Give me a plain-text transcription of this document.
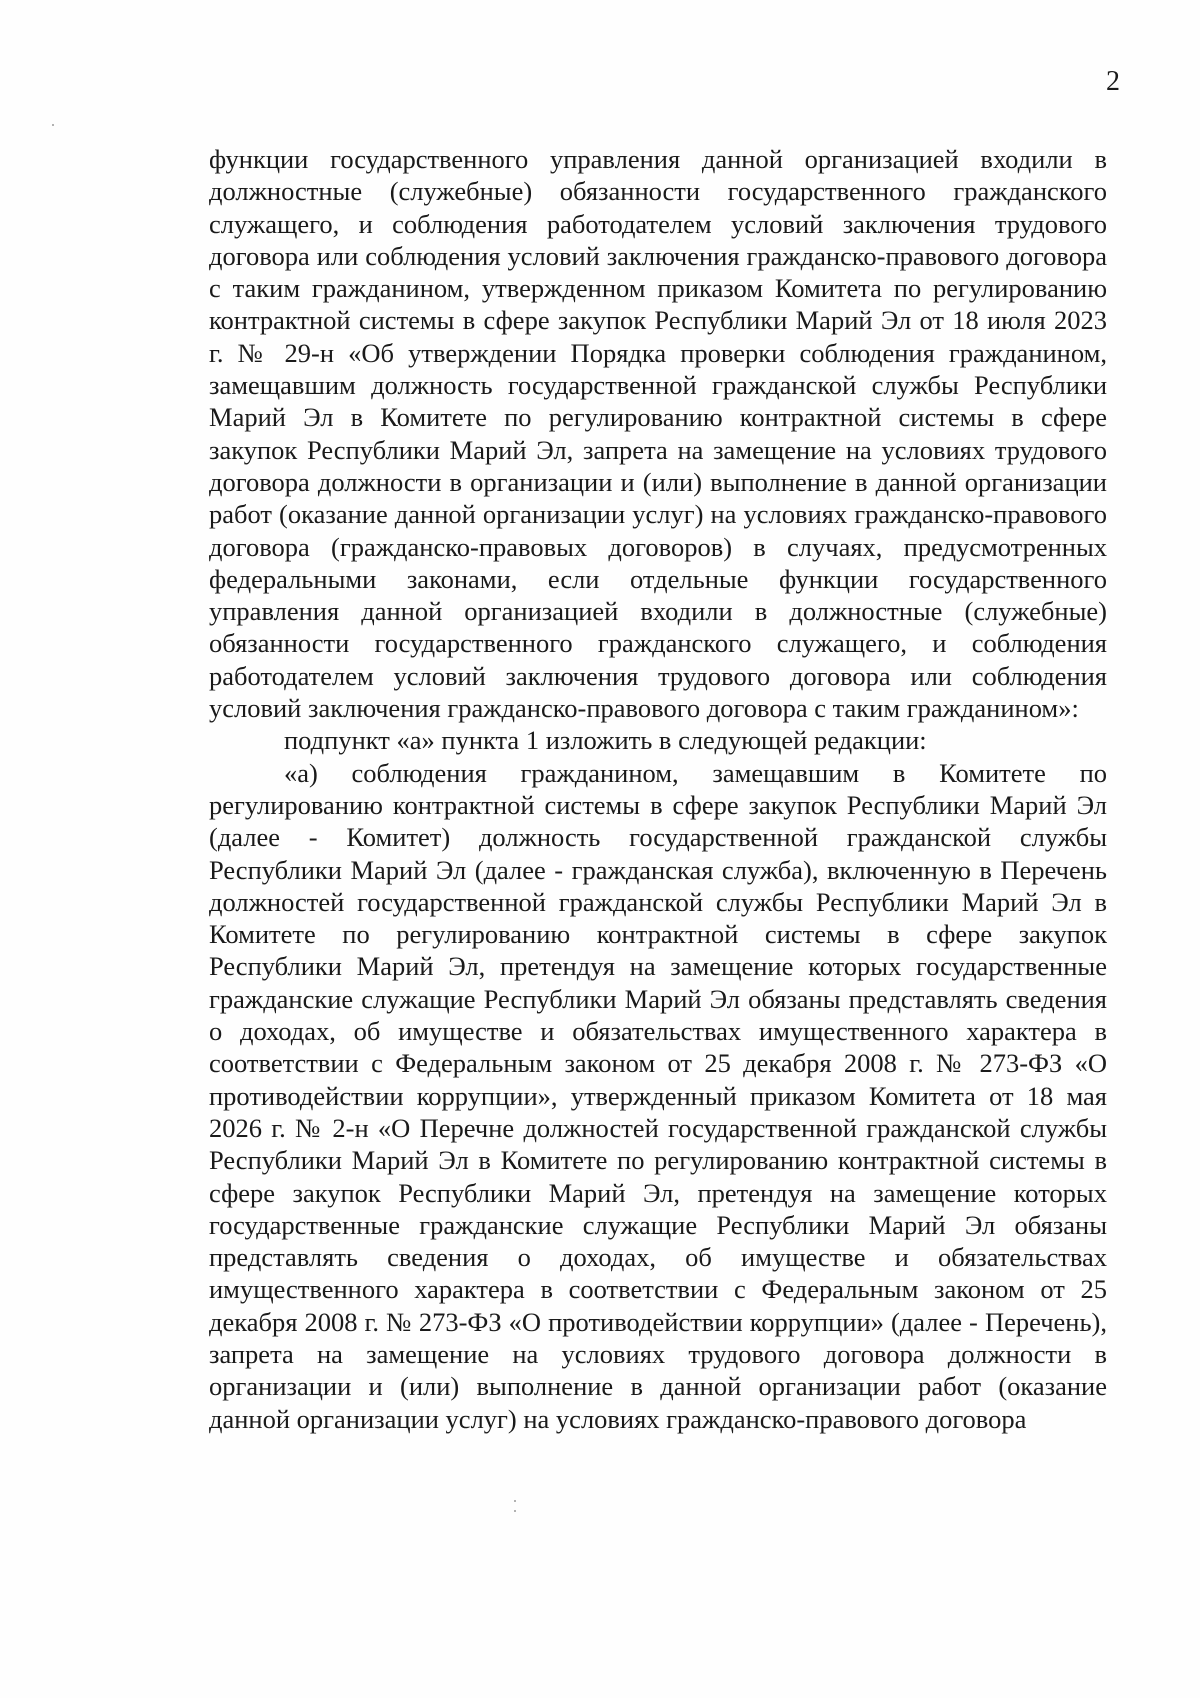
2

функции государственного управления данной организацией входили в должностные (служебные) обязанности государственного гражданского служащего, и соблюдения работодателем условий заключения трудового договора или соблюдения условий заключения гражданско-правового договора с таким гражданином, утвержденном приказом Комитета по регулированию контрактной системы в сфере закупок Республики Марий Эл от 18 июля 2023 г. № 29-н «Об утверждении Порядка проверки соблюдения гражданином, замещавшим должность государственной гражданской службы Республики Марий Эл в Комитете по регулированию контрактной системы в сфере закупок Республики Марий Эл, запрета на замещение на условиях трудового договора должности в организации и (или) выполнение в данной организации работ (оказание данной организации услуг) на условиях гражданско-правового договора (гражданско-правовых договоров) в случаях, предусмотренных федеральными законами, если отдельные функции государственного управления данной организацией входили в должностные (служебные) обязанности государственного гражданского служащего, и соблюдения работодателем условий заключения трудового договора или соблюдения условий заключения гражданско-правового договора с таким гражданином»:

подпункт «а» пункта 1 изложить в следующей редакции:

«а) соблюдения гражданином, замещавшим в Комитете по регулированию контрактной системы в сфере закупок Республики Марий Эл (далее - Комитет) должность государственной гражданской службы Республики Марий Эл (далее - гражданская служба), включенную в Перечень должностей государственной гражданской службы Республики Марий Эл в Комитете по регулированию контрактной системы в сфере закупок Республики Марий Эл, претендуя на замещение которых государственные гражданские служащие Республики Марий Эл обязаны представлять сведения о доходах, об имуществе и обязательствах имущественного характера в соответствии с Федеральным законом от 25 декабря 2008 г. № 273-ФЗ «О противодействии коррупции», утвержденный приказом Комитета от 18 мая 2026 г. № 2-н «О Перечне должностей государственной гражданской службы Республики Марий Эл в Комитете по регулированию контрактной системы в сфере закупок Республики Марий Эл, претендуя на замещение которых государственные гражданские служащие Республики Марий Эл обязаны представлять сведения о доходах, об имуществе и обязательствах имущественного характера в соответствии с Федеральным законом от 25 декабря 2008 г. № 273-ФЗ «О противодействии коррупции» (далее - Перечень), запрета на замещение на условиях трудового договора должности в организации и (или) выполнение в данной организации работ (оказание данной организации услуг) на условиях гражданско-правового договора
